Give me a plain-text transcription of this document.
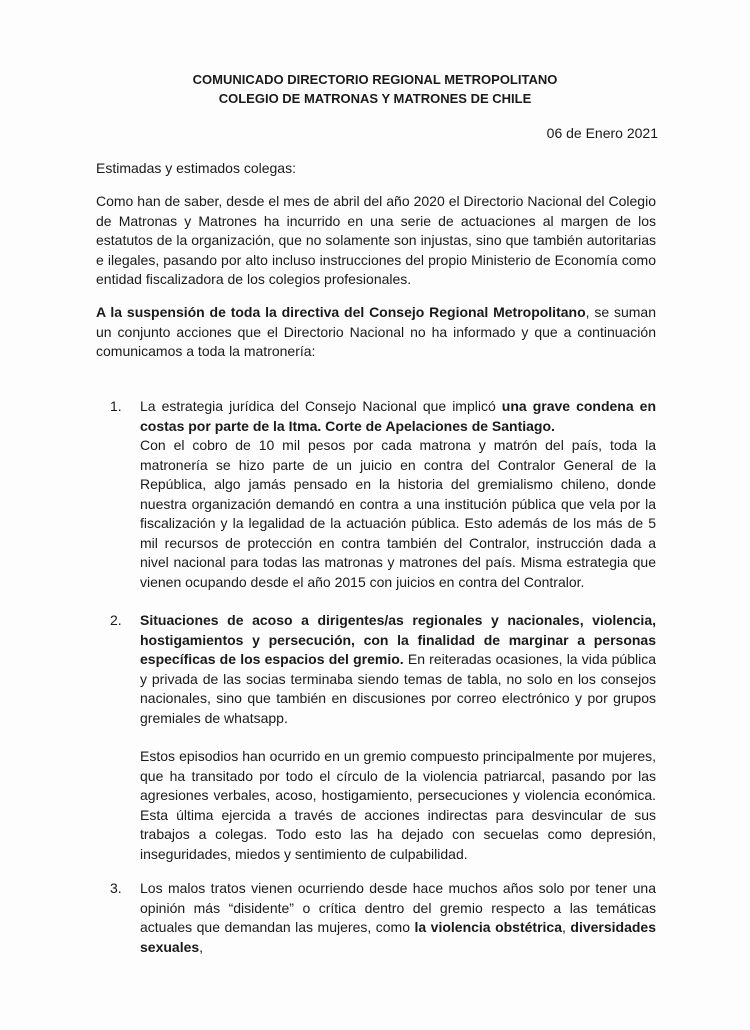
COMUNICADO DIRECTORIO REGIONAL METROPOLITANO
COLEGIO DE MATRONAS Y MATRONES DE CHILE
06 de Enero 2021
Estimadas y estimados colegas:

Como han de saber, desde el mes de abril del año 2020 el Directorio Nacional del Colegio de Matronas y Matrones ha incurrido en una serie de actuaciones al margen de los estatutos de la organización, que no solamente son injustas, sino que también autoritarias e ilegales, pasando por alto incluso instrucciones del propio Ministerio de Economía como entidad fiscalizadora de los colegios profesionales.

A la suspensión de toda la directiva del Consejo Regional Metropolitano, se suman un conjunto acciones que el Directorio Nacional no ha informado y que a continuación comunicamos a toda la matronería:

1. La estrategia jurídica del Consejo Nacional que implicó una grave condena en costas por parte de la Itma. Corte de Apelaciones de Santiago.

Con el cobro de 10 mil pesos por cada matrona y matrón del país, toda la matronería se hizo parte de un juicio en contra del Contralor General de la República, algo jamás pensado en la historia del gremialismo chileno, donde nuestra organización demandó en contra a una institución pública que vela por la fiscalización y la legalidad de la actuación pública. Esto además de los más de 5 mil recursos de protección en contra también del Contralor, instrucción dada a nivel nacional para todas las matronas y matrones del país. Misma estrategia que vienen ocupando desde el año 2015 con juicios en contra del Contralor.

2. Situaciones de acoso a dirigentes/as regionales y nacionales, violencia, hostigamientos y persecución, con la finalidad de marginar a personas específicas de los espacios del gremio. En reiteradas ocasiones, la vida pública y privada de las socias terminaba siendo temas de tabla, no solo en los consejos nacionales, sino que también en discusiones por correo electrónico y por grupos gremiales de whatsapp.

Estos episodios han ocurrido en un gremio compuesto principalmente por mujeres, que ha transitado por todo el círculo de la violencia patriarcal, pasando por las agresiones verbales, acoso, hostigamiento, persecuciones y violencia económica. Esta última ejercida a través de acciones indirectas para desvincular de sus trabajos a colegas. Todo esto las ha dejado con secuelas como depresión, inseguridades, miedos y sentimiento de culpabilidad.

3. Los malos tratos vienen ocurriendo desde hace muchos años solo por tener una opinión más “disidente” o crítica dentro del gremio respecto a las temáticas actuales que demandan las mujeres, como la violencia obstétrica, diversidades sexuales,
